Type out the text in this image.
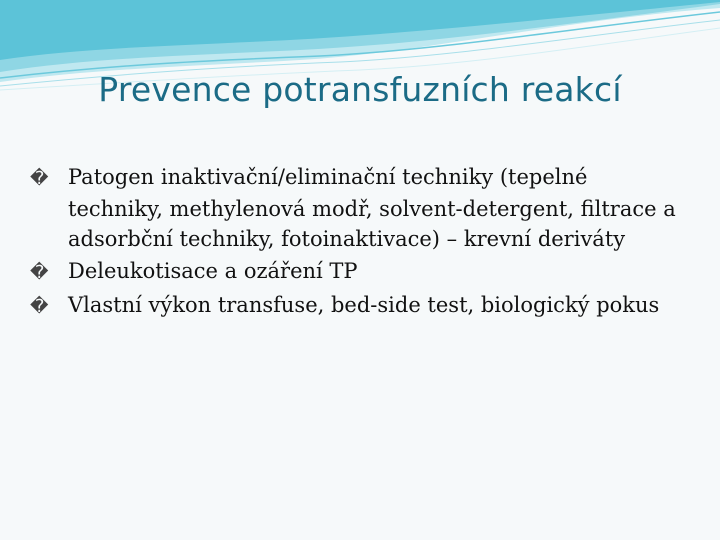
Prevence potransfuzních reakcí
� Patogen inaktivační/eliminační techniky (tepelné techniky, methylenová modř, solvent-detergent, filtrace a adsorbční techniky, fotoinaktivace) – krevní deriváty
� Deleukotisace a ozáření TP
� Vlastní výkon transfuse, bed-side test, biologický pokus
